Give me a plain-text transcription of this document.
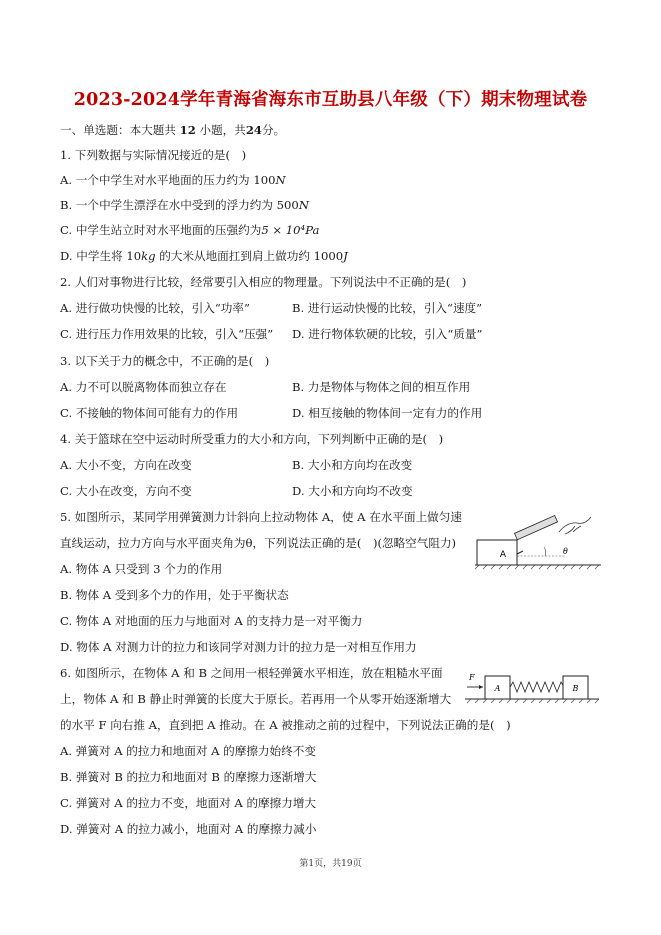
2023-2024学年青海省海东市互助县八年级（下）期末物理试卷
一、单选题：本大题共 12 小题，共24分。
1. 下列数据与实际情况接近的是(　)
A. 一个中学生对水平地面的压力约为 100N
B. 一个中学生漂浮在水中受到的浮力约为 500N
C. 中学生站立时对水平地面的压强约为5 × 10⁴Pa
D. 中学生将 10kg 的大米从地面扛到肩上做功约 1000J
2. 人们对事物进行比较，经常要引入相应的物理量。下列说法中不正确的是(　)
A. 进行做功快慢的比较，引入“功率”	B. 进行运动快慢的比较，引入“速度”
C. 进行压力作用效果的比较，引入“压强” D. 进行物体软硬的比较，引入“质量”
3. 以下关于力的概念中，不正确的是(　)
A. 力不可以脱离物体而独立存在	B. 力是物体与物体之间的相互作用
C. 不接触的物体间可能有力的作用	D. 相互接触的物体间一定有力的作用
4. 关于篮球在空中运动时所受重力的大小和方向，下列判断中正确的是(　)
A. 大小不变，方向在改变	B. 大小和方向均在改变
C. 大小在改变，方向不变	D. 大小和方向均不改变
5. 如图所示，某同学用弹簧测力计斜向上拉动物体 A，使 A 在水平面上做匀速
直线运动，拉力方向与水平面夹角为θ，下列说法正确的是(　)(忽略空气阻力)
A. 物体 A 只受到 3 个力的作用
B. 物体 A 受到多个力的作用，处于平衡状态
C. 物体 A 对地面的压力与地面对 A 的支持力是一对平衡力
D. 物体 A 对测力计的拉力和该同学对测力计的拉力是一对相互作用力
A	θ
6. 如图所示，在物体 A 和 B 之间用一根轻弹簧水平相连，放在粗糙水平面
上，物体 A 和 B 静止时弹簧的长度大于原长。若再用一个从零开始逐渐增大
的水平 F 向右推 A，直到把 A 推动。在 A 被推动之前的过程中，下列说法正确的是(　)
A. 弹簧对 A 的拉力和地面对 A 的摩擦力始终不变
B. 弹簧对 B 的拉力和地面对 B 的摩擦力逐渐增大
C. 弹簧对 A 的拉力不变，地面对 A 的摩擦力增大
D. 弹簧对 A 的拉力减小，地面对 A 的摩擦力减小
F
A	B
第1页，共19页
